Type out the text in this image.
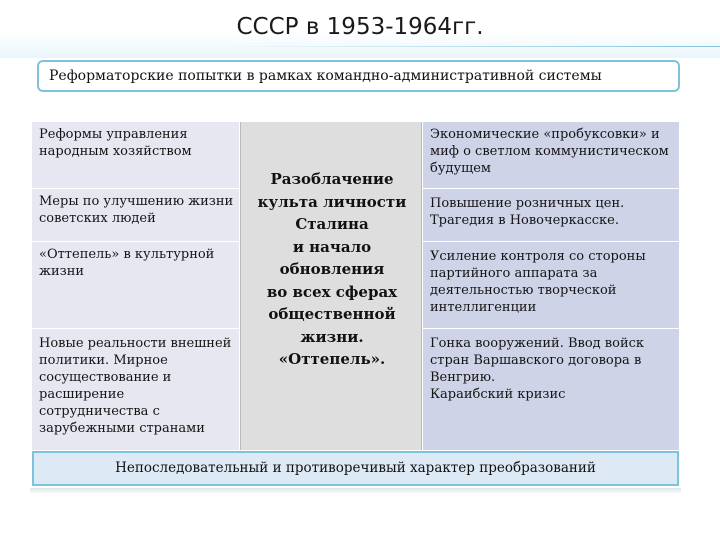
СССР в 1953-1964гг.
Реформаторские попытки в рамках командно-административной системы
Реформы управления народным хозяйством
Меры по улучшению жизни советских людей
«Оттепель» в культурной жизни
Новые реальности внешней политики. Мирное сосуществование и расширение сотрудничества с зарубежными странами
Разоблачение
культа личности
Сталина
и начало
обновления
во всех сферах
общественной
жизни.
«Оттепель».
Экономические «пробуксовки» и миф о светлом коммунистическом будущем
Повышение розничных цен. Трагедия в Новочеркасске.
Усиление контроля со стороны партийного аппарата за деятельностью творческой интеллигенции
Гонка вооружений. Ввод войск стран Варшавского договора в Венгрию.
Караибский кризис
Непоследовательный и противоречивый характер преобразований
